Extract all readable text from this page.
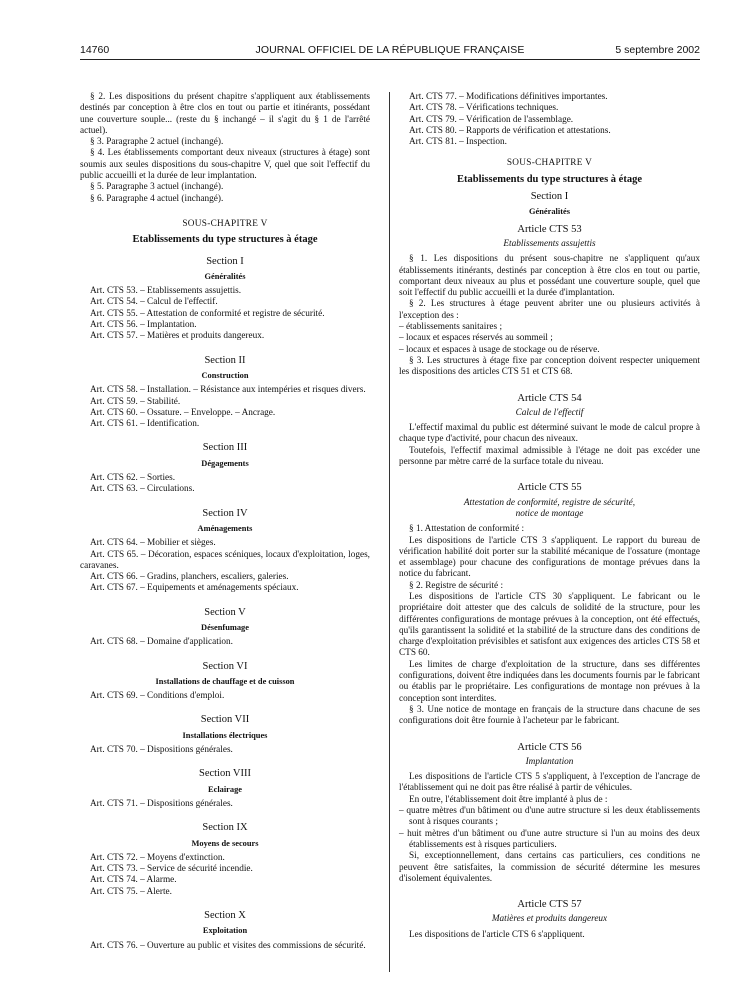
14760	JOURNAL OFFICIEL DE LA RÉPUBLIQUE FRANÇAISE	5 septembre 2002

§ 2. Les dispositions du présent chapitre s'appliquent aux établissements destinés par conception à être clos en tout ou partie et itinérants, possédant une couverture souple... (reste du § inchangé – il s'agit du § 1 de l'arrêté actuel).

§ 3. Paragraphe 2 actuel (inchangé).

§ 4. Les établissements comportant deux niveaux (structures à étage) sont soumis aux seules dispositions du sous-chapitre V, quel que soit l'effectif du public accueilli et la durée de leur implantation.

§ 5. Paragraphe 3 actuel (inchangé).

§ 6. Paragraphe 4 actuel (inchangé).

SOUS-CHAPITRE V

Etablissements du type structures à étage

Section I

Généralités

Art. CTS 53. – Etablissements assujettis.

Art. CTS 54. – Calcul de l'effectif.

Art. CTS 55. – Attestation de conformité et registre de sécurité.

Art. CTS 56. – Implantation.

Art. CTS 57. – Matières et produits dangereux.

Section II

Construction

Art. CTS 58. – Installation. – Résistance aux intempéries et risques divers.

Art. CTS 59. – Stabilité.

Art. CTS 60. – Ossature. – Enveloppe. – Ancrage.

Art. CTS 61. – Identification.

Section III

Dégagements

Art. CTS 62. – Sorties.

Art. CTS 63. – Circulations.

Section IV

Aménagements

Art. CTS 64. – Mobilier et sièges.

Art. CTS 65. – Décoration, espaces scéniques, locaux d'exploitation, loges, caravanes.

Art. CTS 66. – Gradins, planchers, escaliers, galeries.

Art. CTS 67. – Equipements et aménagements spéciaux.

Section V

Désenfumage

Art. CTS 68. – Domaine d'application.

Section VI

Installations de chauffage et de cuisson

Art. CTS 69. – Conditions d'emploi.

Section VII

Installations électriques

Art. CTS 70. – Dispositions générales.

Section VIII

Eclairage

Art. CTS 71. – Dispositions générales.

Section IX

Moyens de secours

Art. CTS 72. – Moyens d'extinction.

Art. CTS 73. – Service de sécurité incendie.

Art. CTS 74. – Alarme.

Art. CTS 75. – Alerte.

Section X

Exploitation

Art. CTS 76. – Ouverture au public et visites des commissions de sécurité.

Art. CTS 77. – Modifications définitives importantes.

Art. CTS 78. – Vérifications techniques.

Art. CTS 79. – Vérification de l'assemblage.

Art. CTS 80. – Rapports de vérification et attestations.

Art. CTS 81. – Inspection.

SOUS-CHAPITRE V

Etablissements du type structures à étage

Section I

Généralités

Article CTS 53

Etablissements assujettis

§ 1. Les dispositions du présent sous-chapitre ne s'appliquent qu'aux établissements itinérants, destinés par conception à être clos en tout ou partie, comportant deux niveaux au plus et possédant une couverture souple, quel que soit l'effectif du public accueilli et la durée d'implantation.

§ 2. Les structures à étage peuvent abriter une ou plusieurs activités à l'exception des :

– établissements sanitaires ;

– locaux et espaces réservés au sommeil ;

– locaux et espaces à usage de stockage ou de réserve.

§ 3. Les structures à étage fixe par conception doivent respecter uniquement les dispositions des articles CTS 51 et CTS 68.

Article CTS 54

Calcul de l'effectif

L'effectif maximal du public est déterminé suivant le mode de calcul propre à chaque type d'activité, pour chacun des niveaux.

Toutefois, l'effectif maximal admissible à l'étage ne doit pas excéder une personne par mètre carré de la surface totale du niveau.

Article CTS 55

Attestation de conformité, registre de sécurité,

notice de montage

§ 1. Attestation de conformité :

Les dispositions de l'article CTS 3 s'appliquent. Le rapport du bureau de vérification habilité doit porter sur la stabilité mécanique de l'ossature (montage et assemblage) pour chacune des configurations de montage prévues dans la notice du fabricant.

§ 2. Registre de sécurité :

Les dispositions de l'article CTS 30 s'appliquent. Le fabricant ou le propriétaire doit attester que des calculs de solidité de la structure, pour les différentes configurations de montage prévues à la conception, ont été effectués, qu'ils garantissent la solidité et la stabilité de la structure dans des conditions de charge d'exploitation prévisibles et satisfont aux exigences des articles CTS 58 et CTS 60.

Les limites de charge d'exploitation de la structure, dans ses différentes configurations, doivent être indiquées dans les documents fournis par le fabricant ou établis par le propriétaire. Les configurations de montage non prévues à la conception sont interdites.

§ 3. Une notice de montage en français de la structure dans chacune de ses configurations doit être fournie à l'acheteur par le fabricant.

Article CTS 56

Implantation

Les dispositions de l'article CTS 5 s'appliquent, à l'exception de l'ancrage de l'établissement qui ne doit pas être réalisé à partir de véhicules.

En outre, l'établissement doit être implanté à plus de :

– quatre mètres d'un bâtiment ou d'une autre structure si les deux établissements sont à risques courants ;

– huit mètres d'un bâtiment ou d'une autre structure si l'un au moins des deux établissements est à risques particuliers.

Si, exceptionnellement, dans certains cas particuliers, ces conditions ne peuvent être satisfaites, la commission de sécurité détermine les mesures d'isolement équivalentes.

Article CTS 57

Matières et produits dangereux

Les dispositions de l'article CTS 6 s'appliquent.
